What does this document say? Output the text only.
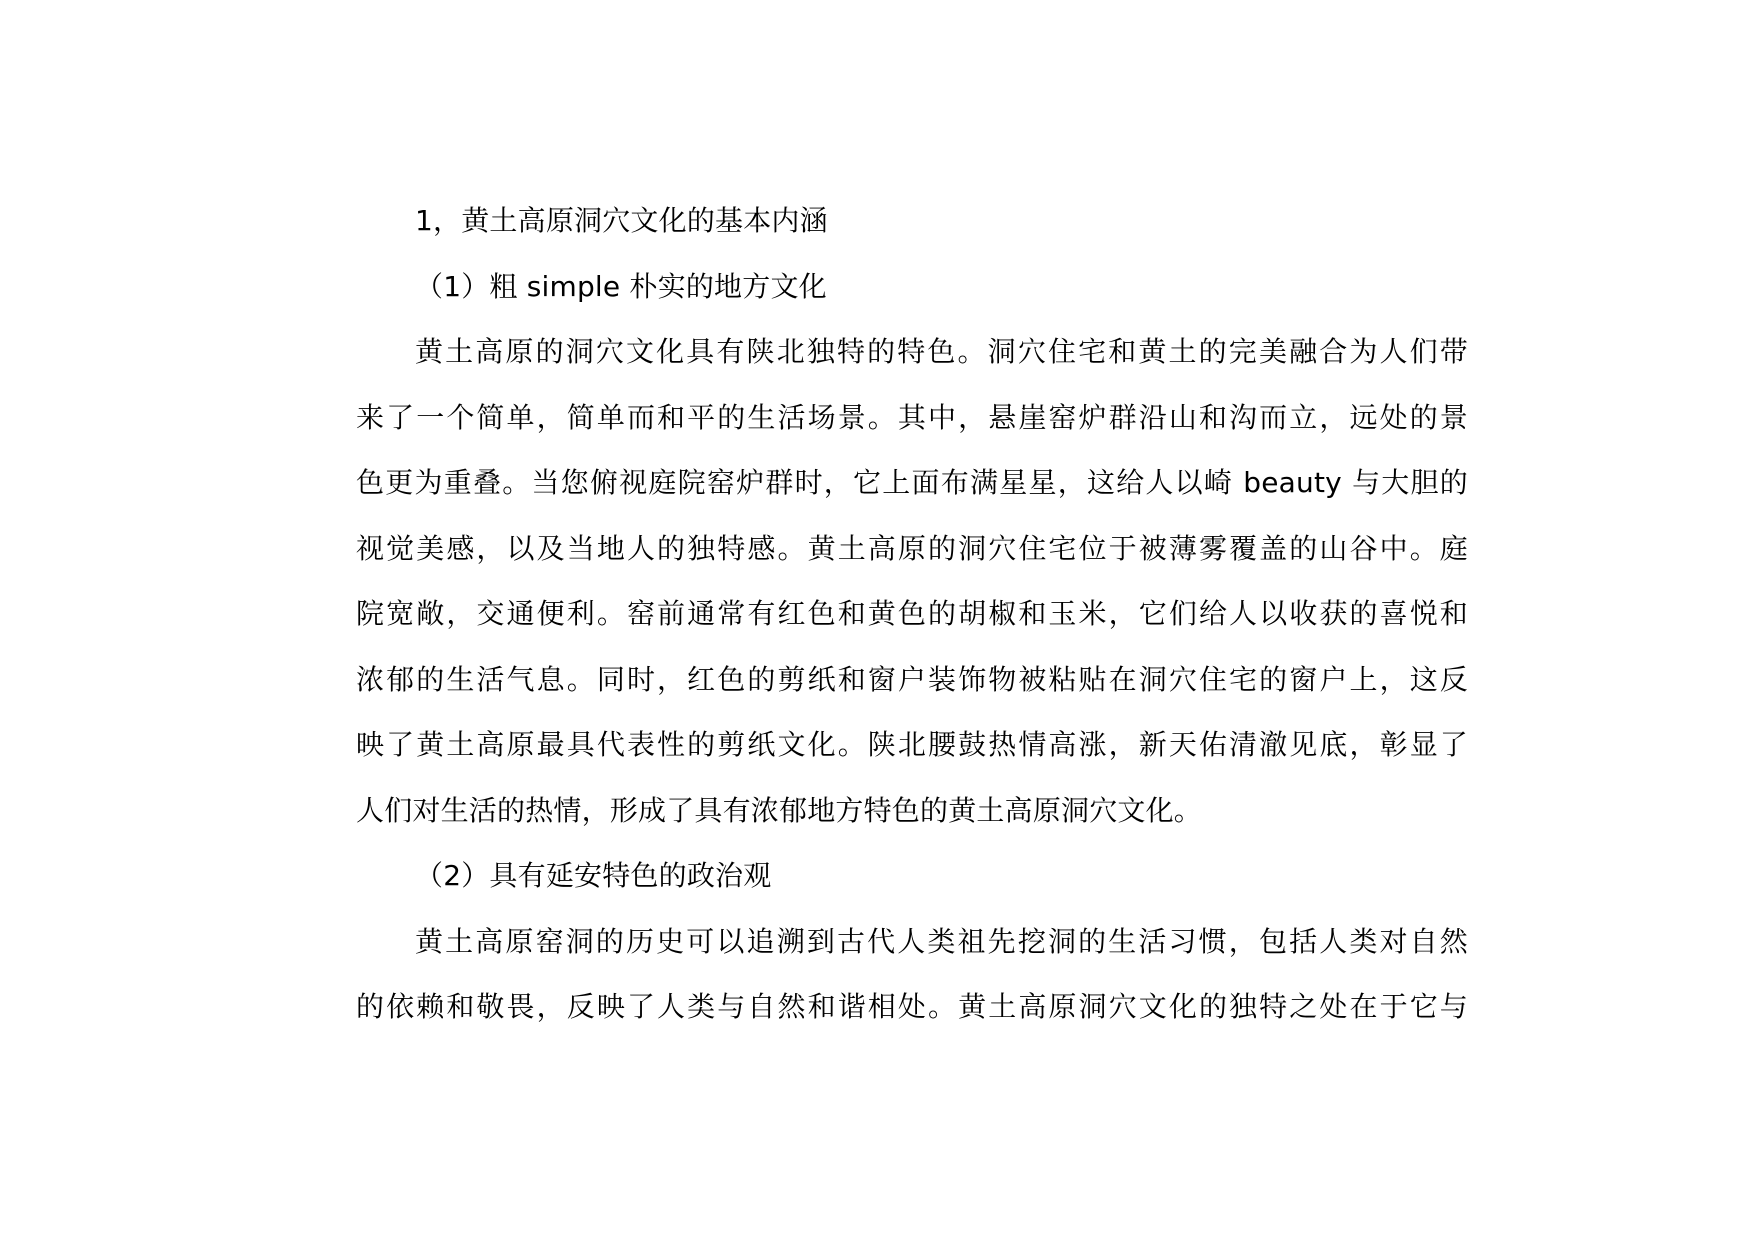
1，黄土高原洞穴文化的基本内涵
（1）粗 simple 朴实的地方文化
黄土高原的洞穴文化具有陕北独特的特色。洞穴住宅和黄土的完美融合为人们带
来了一个简单，简单而和平的生活场景。其中，悬崖窑炉群沿山和沟而立，远处的景
色更为重叠。当您俯视庭院窑炉群时，它上面布满星星，这给人以崎 beauty 与大胆的
视觉美感，以及当地人的独特感。黄土高原的洞穴住宅位于被薄雾覆盖的山谷中。庭
院宽敞，交通便利。窑前通常有红色和黄色的胡椒和玉米，它们给人以收获的喜悦和
浓郁的生活气息。同时，红色的剪纸和窗户装饰物被粘贴在洞穴住宅的窗户上，这反
映了黄土高原最具代表性的剪纸文化。陕北腰鼓热情高涨，新天佑清澈见底，彰显了
人们对生活的热情，形成了具有浓郁地方特色的黄土高原洞穴文化。
（2）具有延安特色的政治观
黄土高原窑洞的历史可以追溯到古代人类祖先挖洞的生活习惯，包括人类对自然
的依赖和敬畏，反映了人类与自然和谐相处。黄土高原洞穴文化的独特之处在于它与
